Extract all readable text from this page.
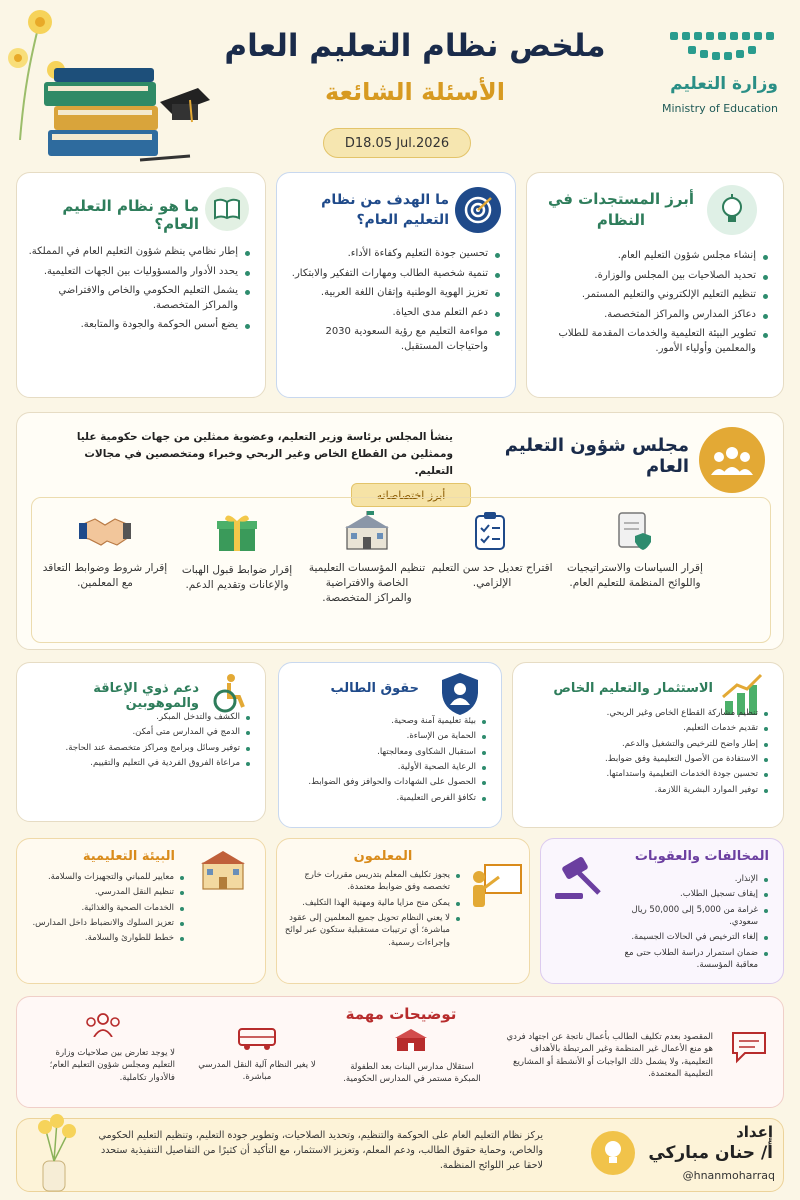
ملخص نظام التعليم العام
الأسئلة الشائعة
D18.05 Jul.2026
وزارة التعليم
Ministry of Education
ما هو نظام التعليم العام؟
إطار نظامي ينظم شؤون التعليم العام في المملكة.
يحدد الأدوار والمسؤوليات بين الجهات التعليمية.
يشمل التعليم الحكومي والخاص والافتراضي والمراكز المتخصصة.
يضع أسس الحوكمة والجودة والمتابعة.
ما الهدف من نظام التعليم العام؟
تحسين جودة التعليم وكفاءة الأداء.
تنمية شخصية الطالب ومهارات التفكير والابتكار.
تعزيز الهوية الوطنية وإتقان اللغة العربية.
دعم التعلم مدى الحياة.
مواءمة التعليم مع رؤية السعودية 2030 واحتياجات المستقبل.
أبرز المستجدات في النظام
إنشاء مجلس شؤون التعليم العام.
تحديد الصلاحيات بين المجلس والوزارة.
تنظيم التعليم الإلكتروني والتعليم المستمر.
دعاكز المدارس والمراكز المتخصصة.
تطوير البيئة التعليمية والخدمات المقدمة للطلاب والمعلمين وأولياء الأمور.
مجلس شؤون التعليم العام
ينشأ المجلس برئاسة وزير التعليم، وعضوية ممثلين من جهات حكومية عليا وممثلين من القطاع الخاص وغير الربحي وخبراء ومتخصصين في مجالات التعليم.
أبرز اختصاصاته
إقرار السياسات والاستراتيجيات واللوائح المنظمة للتعليم العام.
اقتراح تعديل حد سن التعليم الإلزامي.
تنظيم المؤسسات التعليمية الخاصة والافتراضية والمراكز المتخصصة.
إقرار ضوابط قبول الهبات والإعانات وتقديم الدعم.
إقرار شروط وضوابط التعاقد مع المعلمين.
دعم ذوي الإعاقة والموهوبين
الكشف والتدخل المبكر.
الدمج في المدارس متى أمكن.
توفير وسائل وبرامج ومراكز متخصصة عند الحاجة.
مراعاة الفروق الفردية في التعليم والتقييم.
حقوق الطالب
بيئة تعليمية آمنة وصحية.
الحماية من الإساءة.
استقبال الشكاوى ومعالجتها.
الرعاية الصحية الأولية.
الحصول على الشهادات والحوافز وفق الضوابط.
تكافؤ الفرص التعليمية.
الاستثمار والتعليم الخاص
تنظيم مشاركة القطاع الخاص وغير الربحي.
تقديم خدمات التعليم.
إطار واضح للترخيص والتشغيل والدعم.
الاستفادة من الأصول التعليمية وفق ضوابط.
تحسين جودة الخدمات التعليمية واستدامتها.
توفير الموارد البشرية اللازمة.
البيئة التعليمية
معايير للمباني والتجهيزات والسلامة.
تنظيم النقل المدرسي.
الخدمات الصحية والغذائية.
تعزيز السلوك والانضباط داخل المدارس.
خطط للطوارئ والسلامة.
المعلمون
يجوز تكليف المعلم بتدريس مقررات خارج تخصصه وفق ضوابط معتمدة.
يمكن منح مزايا مالية ومهنية الهذا التكليف.
لا يعني النظام تحويل جميع المعلمين إلى عقود مباشرة؛ أي ترتيبات مستقبلية ستكون عبر لوائح وإجراءات رسمية.
المخالفات والعقوبات
الإنذار.
إيقاف تسجيل الطلاب.
غرامة من 5,000 إلى 50,000 ريال سعودي.
إلغاء الترخيص في الحالات الجسيمة.
ضمان استمرار دراسة الطلاب حتى مع معاقبة المؤسسة.
توضيحات مهمة
لا يوجد تعارض بين صلاحيات وزارة التعليم ومجلس شؤون التعليم العام؛ فالأدوار تكاملية.
لا يغير النظام آلية النقل المدرسي مباشرة.
استقلال مدارس البنات بعد الطفولة المبكرة مستمر في المدارس الحكومية.
المقصود بعدم تكليف الطالب بأعمال ناتجة عن اجتهاد فردي هو منع الأعمال غير المنظمة وغير المرتبطة بالأهداف التعليمية، ولا يشمل ذلك الواجبات أو الأنشطة أو المشاريع التعليمية المعتمدة.
يركز نظام التعليم العام على الحوكمة والتنظيم، وتحديد الصلاحيات، وتطوير جودة التعليم، وتنظيم التعليم الحكومي والخاص، وحماية حقوق الطالب، ودعم المعلم، وتعزيز الاستثمار، مع التأكيد أن كثيرًا من التفاصيل التنفيذية ستحدد لاحقا عبر اللوائح المنظمة.
إعداد
أ/ حنان مباركي
@hnanmoharraq
